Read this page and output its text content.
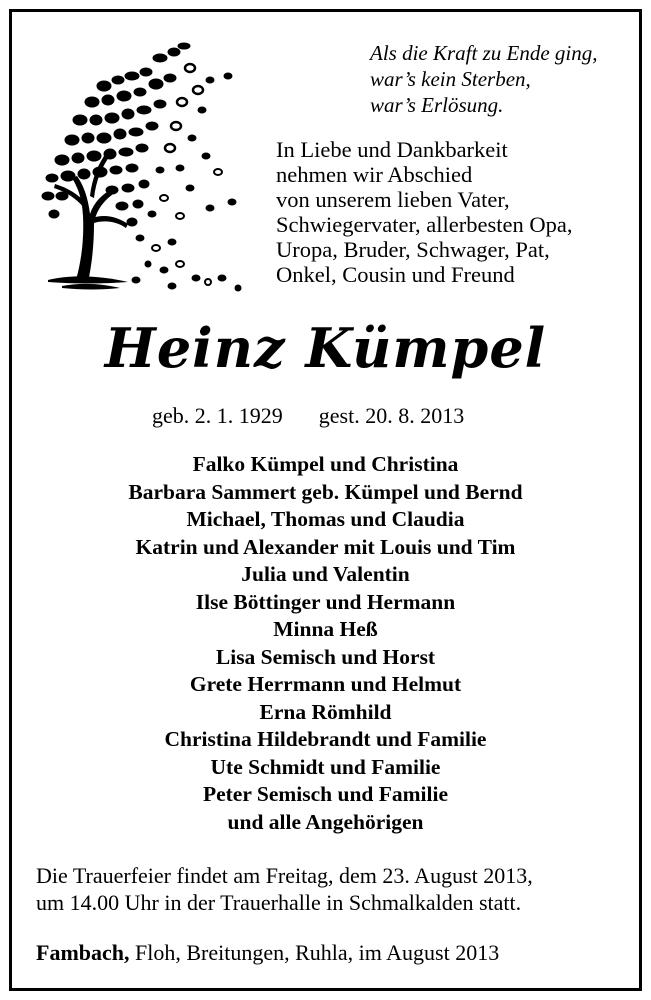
Als die Kraft zu Ende ging,
war’s kein Sterben,
war’s Erlösung.
In Liebe und Dankbarkeit
nehmen wir Abschied
von unserem lieben Vater,
Schwiegervater, allerbesten Opa,
Uropa, Bruder, Schwager, Pat,
Onkel, Cousin und Freund
Heinz Kümpel
geb. 2. 1. 1929 gest. 20. 8. 2013
Falko Kümpel und Christina
Barbara Sammert geb. Kümpel und Bernd
Michael, Thomas und Claudia
Katrin und Alexander mit Louis und Tim
Julia und Valentin
Ilse Böttinger und Hermann
Minna Heß
Lisa Semisch und Horst
Grete Herrmann und Helmut
Erna Römhild
Christina Hildebrandt und Familie
Ute Schmidt und Familie
Peter Semisch und Familie
und alle Angehörigen
Die Trauerfeier findet am Freitag, dem 23. August 2013,
um 14.00 Uhr in der Trauerhalle in Schmalkalden statt.
Fambach, Floh, Breitungen, Ruhla, im August 2013
